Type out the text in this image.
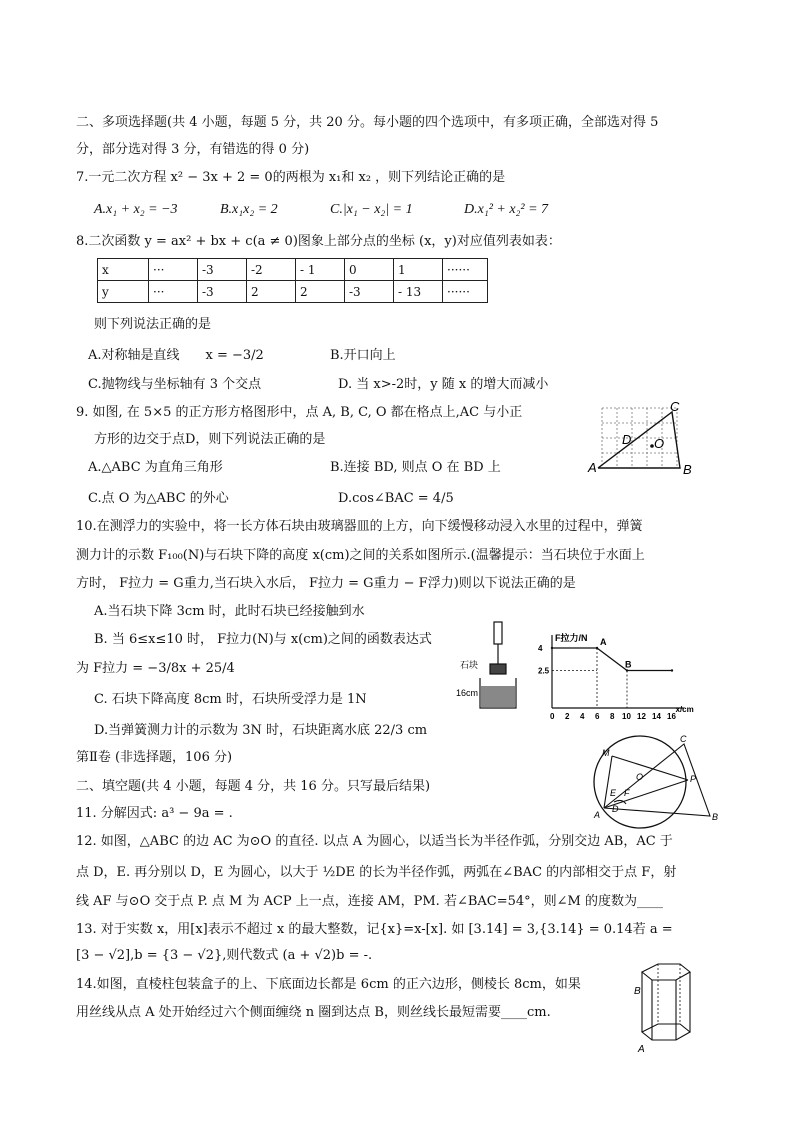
二、多项选择题(共 4 小题，每题 5 分，共 20 分。每小题的四个选项中，有多项正确，全部选对得 5
分，部分选对得 3 分，有错选的得 0 分)
7.一元二次方程 x² − 3x + 2 = 0的两根为 x₁和 x₂ ，则下列结论正确的是
A.x₁ + x₂ = −3	B.x₁x₂ = 2	C.|x₁ − x₂| = 1	D.x₁² + x₂² = 7
8.二次函数 y = ax² + bx + c(a ≠ 0)图象上部分点的坐标 (x，y)对应值列表如表：
x	···	-3	-2	- 1	0	1	······
y	···	-3	2	2	-3	- 13	······
则下列说法正确的是
A.对称轴是直线　　x = −3/2	B.开口向上
C.抛物线与坐标轴有 3 个交点	D. 当 x>-2时，y 随 x 的增大而减小
9. 如图, 在 5×5 的正方形方格图形中，点 A, B, C, O 都在格点上,AC 与小正
方形的边交于点D，则下列说法正确的是
A.△ABC 为直角三角形	B.连接 BD, 则点 O 在 BD 上
C.点 O 为△ABC 的外心	D.cos∠BAC = 4/5
A	B
C
D O
10.在测浮力的实验中，将一长方体石块由玻璃器皿的上方，向下缓慢移动浸入水里的过程中，弹簧
测力计的示数 F₁₀₀(N)与石块下降的高度 x(cm)之间的关系如图所示.(温馨提示：当石块位于水面上
方时， F拉力 = G重力,当石块入水后， F拉力 = G重力 − F浮力)则以下说法正确的是
A.当石块下降 3cm 时，此时石块已经接触到水
B. 当 6≤x≤10 时， F拉力(N)与 x(cm)之间的函数表达式
为 F拉力 = −3/8x + 25/4
C. 石块下降高度 8cm 时，石块所受浮力是 1N
D.当弹簧测力计的示数为 3N 时，石块距离水底 22/3 cm
石块
16cm
F拉力/N
x/cm
0 2 4 6 8 10 12 14 16
2.5
4
A
B
第Ⅱ卷 (非选择题，106 分)
二、填空题(共 4 小题，每题 4 分，共 16 分。只写最后结果)
11. 分解因式: a³ − 9a = .
12. 如图，△ABC 的边 AC 为⊙O 的直径. 以点 A 为圆心，以适当长为半径作弧，分别交边 AB，AC 于
点 D，E. 再分别以 D，E 为圆心，以大于 ½DE 的长为半径作弧，两弧在∠BAC 的内部相交于点 F，射
线 AF 与⊙O 交于点 P. 点 M 为 ACP 上一点，连接 AM，PM. 若∠BAC=54°，则∠M 的度数为____
A	B
C
D
E F
M
O	P
13. 对于实数 x，用[x]表示不超过 x 的最大整数，记{x}=x-[x]. 如 [3.14] = 3,{3.14} = 0.14若 a =
[3 − √2],b = {3 − √2},则代数式 (a + √2)b = -.
14.如图，直棱柱包装盒子的上、下底面边长都是 6cm 的正六边形，侧棱长 8cm，如果
用丝线从点 A 处开始经过六个侧面缠绕 n 圈到达点 B，则丝线长最短需要____cm.
B
A
